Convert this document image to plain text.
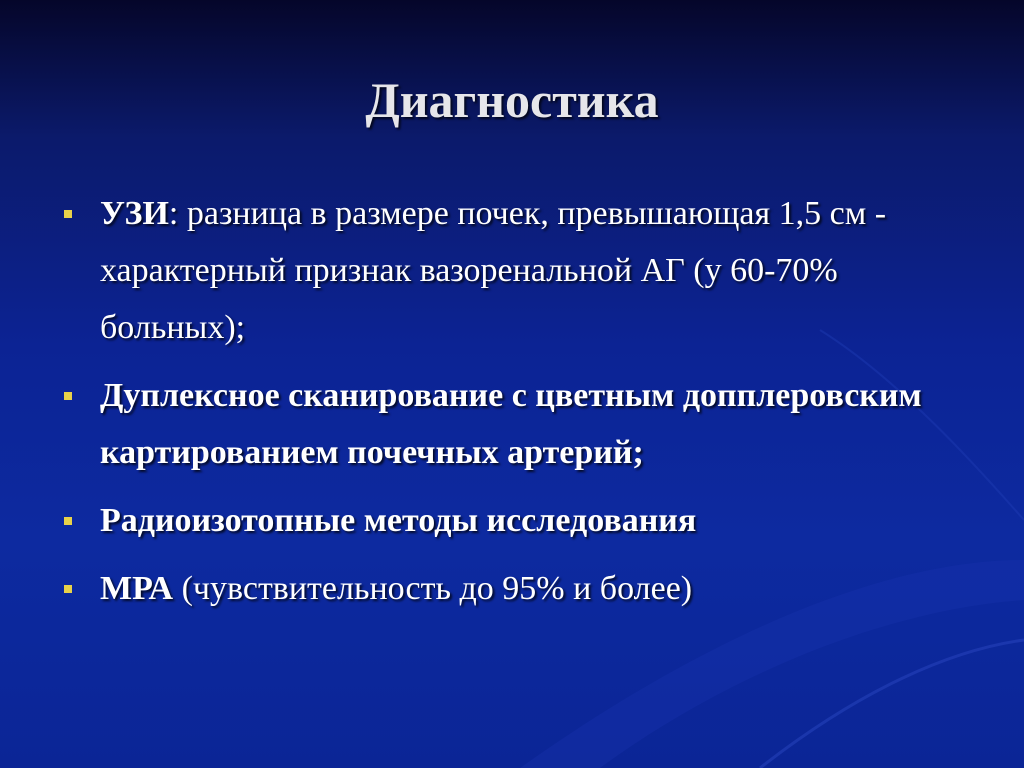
Диагностика
УЗИ: разница в размере почек, превышающая 1,5 см - характерный признак вазоренальной АГ (у 60-70% больных);
Дуплексное сканирование с цветным допплеровским картированием почечных артерий;
Радиоизотопные методы исследования
МРА (чувствительность до 95% и более)
